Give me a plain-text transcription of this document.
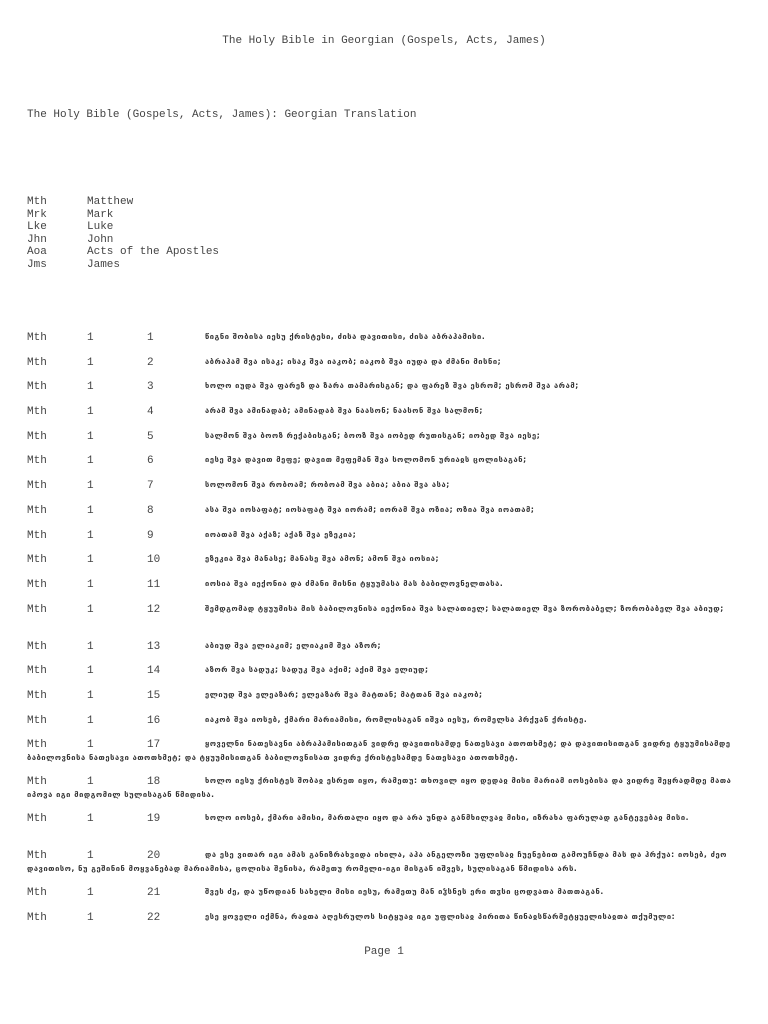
The Holy Bible in Georgian (Gospels, Acts, James)
The Holy Bible (Gospels, Acts, James): Georgian Translation
Mth	Matthew
Mrk	Mark
Lke	Luke
Jhn	John
Aoa	Acts of the Apostles
Jms	James
Mth	1	1	წიგნი შობისა იესუ ქრისტესი, ძისა დავითისი, ძისა აბრაჰამისი.
Mth	1	2	აბრაჰამ შვა ისაკ; ისაკ შვა იაკობ; იაკობ შვა იუდა და ძმანი მისნი;
Mth	1	3	ხოლო იუდა შვა ფარეზ და ზარა თამარისგან; და ფარეზ შვა ესრომ; ესრომ შვა არამ;
Mth	1	4	არამ შვა ამინადაბ; ამინადაბ შვა ნაასონ; ნაასონ შვა სალმონ;
Mth	1	5	სალმონ შვა ბოოზ რექაბისგან; ბოოზ შვა იობედ რუთისგან; იობედ შვა იესე;
Mth	1	6	იესე შვა დავით მეფე; დავით მეფემან შვა სოლომონ ურიაჲს ცოლისაგან;
Mth	1	7	სოლომონ შვა რობოამ; რობოამ შვა აბია; აბია შვა ასა;
Mth	1	8	ასა შვა იოსაფატ; იოსაფატ შვა იორამ; იორამ შვა ოზია; ოზია შვა იოათამ;
Mth	1	9	იოათამ შვა აქაზ; აქაზ შვა ეზეკია;
Mth	1	10	ეზეკია შვა მანასე; მანასე შვა ამონ; ამონ შვა იოსია;
Mth	1	11	იოსია შვა იექონია და ძმანი მისნი ტყუუმასა მას ბაბილოვნელთასა.
Mth	1	12	შემდგომად ტყუუმისა მის ბაბილოვნისა იექონია შვა სალათიელ; სალათიელ შვა ზორობაბელ; ზორობაბელ შვა აბიუდ;
Mth	1	13	აბიუდ შვა ელიაკიმ; ელიაკიმ შვა აზორ;
Mth	1	14	აზორ შვა სადუკ; სადუკ შვა აქიმ; აქიმ შვა ელიუდ;
Mth	1	15	ელიუდ შვა ელეაზარ; ელეაზარ შვა მატთან; მატთან შვა იაკობ;
Mth	1	16	იაკობ შვა იოსებ, ქმარი მარიამისი, რომლისაგან იშვა იესუ, რომელსა ჰრქჳან ქრისტე.
Mth	1	17	ყოველნი ნათესავნი აბრაჰამისითგან ვიდრე დავითისამდე ნათესავი ათოთხმეტ; და დავითისითგან ვიდრე ტყუუმისამდე ბაბილოვნისა ნათესავი ათოთხმეტ; და ტყუუმისითგან ბაბილოვნისათ ვიდრე ქრისტესამდე ნათესავი ათოთხმეტ.
Mth	1	18	ხოლო იესუ ქრისტეს შობაჲ ესრეთ იყო, რამეთუ: თხოვილ იყო დედაჲ მისი მარიამ იოსებისა და ვიდრე შეყრადმდე მათა იპოვა იგი მიდგომილ სულისაგან წმიდისა.
Mth	1	19	ხოლო იოსებ, ქმარი ამისი, მართალი იყო და არა უნდა განმხილვაჲ მისი, იზრახა ფარულად განტევებაჲ მისი.
Mth	1	20	და ესე ვითარ იგი ამას განიზრახვიდა იხილა, აჰა ანგელოზი უფლისაჲ ჩუენებით გამოუჩნდა მას და ჰრქუა: იოსებ, ძეო დავითისო, ნუ გეშინინ მოყვანებად მარიამისა, ცოლისა შენისა, რამეთუ რომელი-იგი მისგან იშვეს, სულისაგან წმიდისა არს.
Mth	1	21	შვეს ძე, და უწოდიან სახელი მისი იესუ, რამეთუ მან იჴსნეს ერი თჳსი ცოდვათა მათთაგან.
Mth	1	22	ესე ყოველი იქმნა, რაჲთა აღესრულოს სიტყუაჲ იგი უფლისაჲ პირითა წინაჲსწარმეტყუელისაჲთა თქუმული:
Page 1
